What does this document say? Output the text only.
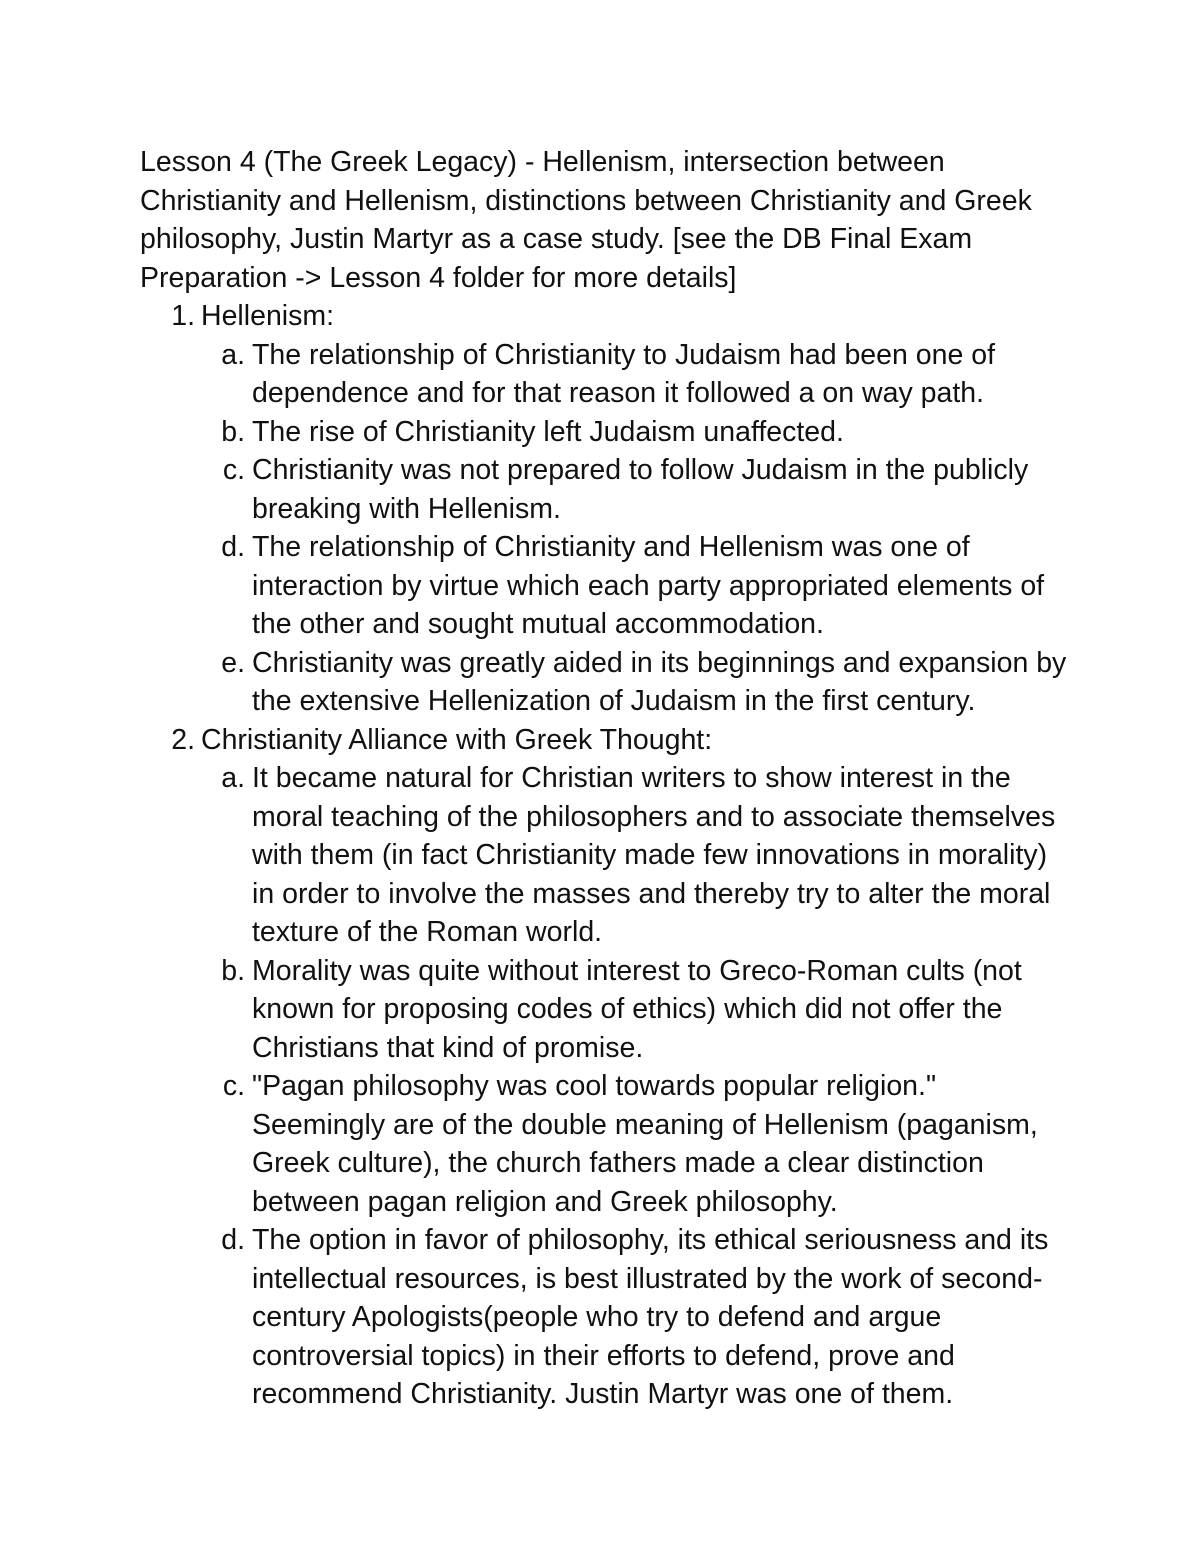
Lesson 4 (The Greek Legacy) - Hellenism, intersection between Christianity and Hellenism, distinctions between Christianity and Greek philosophy, Justin Martyr as a case study. [see the DB Final Exam Preparation -> Lesson 4 folder for more details]

1. Hellenism:
a. The relationship of Christianity to Judaism had been one of dependence and for that reason it followed a on way path.
b. The rise of Christianity left Judaism unaffected.
c. Christianity was not prepared to follow Judaism in the publicly breaking with Hellenism.
d. The relationship of Christianity and Hellenism was one of interaction by virtue which each party appropriated elements of the other and sought mutual accommodation.
e. Christianity was greatly aided in its beginnings and expansion by the extensive Hellenization of Judaism in the first century.
2. Christianity Alliance with Greek Thought:
a. It became natural for Christian writers to show interest in the moral teaching of the philosophers and to associate themselves with them (in fact Christianity made few innovations in morality) in order to involve the masses and thereby try to alter the moral texture of the Roman world.
b. Morality was quite without interest to Greco-Roman cults (not known for proposing codes of ethics) which did not offer the Christians that kind of promise.
c. "Pagan philosophy was cool towards popular religion." Seemingly are of the double meaning of Hellenism (paganism, Greek culture), the church fathers made a clear distinction between pagan religion and Greek philosophy.
d. The option in favor of philosophy, its ethical seriousness and its intellectual resources, is best illustrated by the work of second-century Apologists(people who try to defend and argue controversial topics) in their efforts to defend, prove and recommend Christianity. Justin Martyr was one of them.
